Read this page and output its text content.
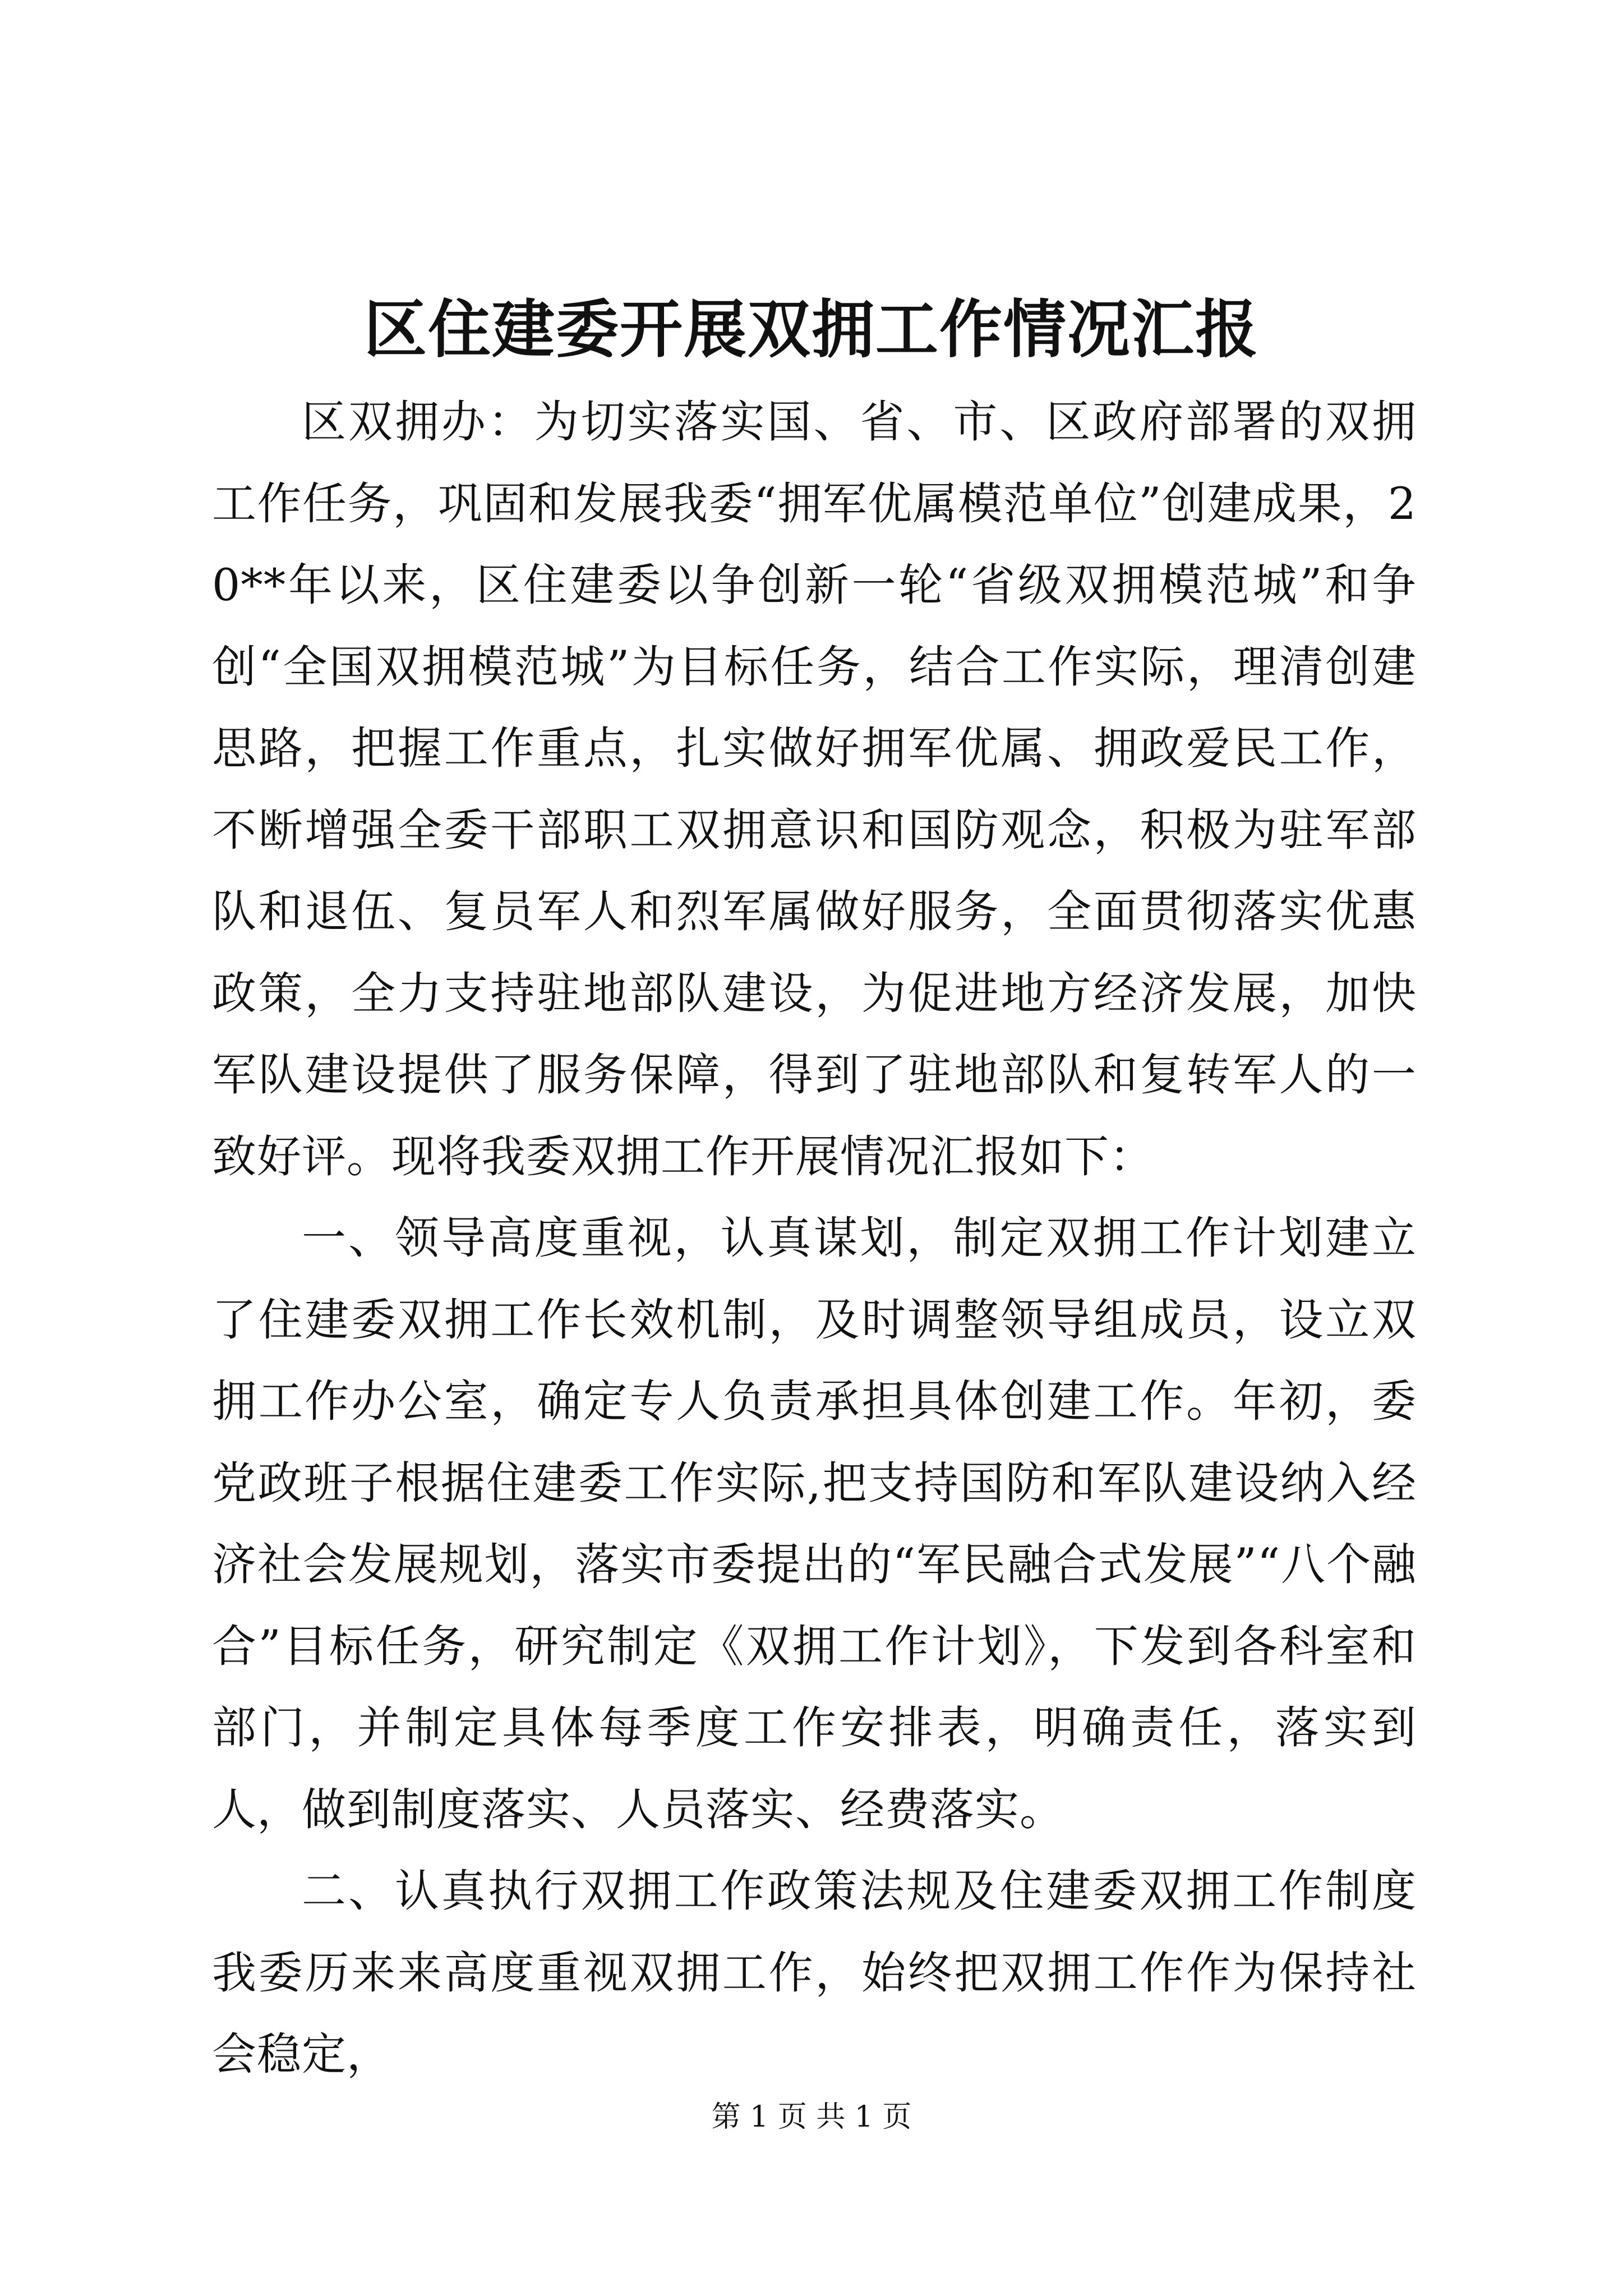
区住建委开展双拥工作情况汇报

区双拥办：为切实落实国、省、市、区政府部署的双拥工作任务，巩固和发展我委“拥军优属模范单位”创建成果，20**年以来，区住建委以争创新一轮“省级双拥模范城”和争创“全国双拥模范城”为目标任务，结合工作实际，理清创建思路，把握工作重点，扎实做好拥军优属、拥政爱民工作，不断增强全委干部职工双拥意识和国防观念，积极为驻军部队和退伍、复员军人和烈军属做好服务，全面贯彻落实优惠政策，全力支持驻地部队建设，为促进地方经济发展，加快军队建设提供了服务保障，得到了驻地部队和复转军人的一致好评。现将我委双拥工作开展情况汇报如下：

一、领导高度重视，认真谋划，制定双拥工作计划建立了住建委双拥工作长效机制，及时调整领导组成员，设立双拥工作办公室，确定专人负责承担具体创建工作。年初，委党政班子根据住建委工作实际,把支持国防和军队建设纳入经济社会发展规划，落实市委提出的“军民融合式发展”“八个融合”目标任务，研究制定《双拥工作计划》，下发到各科室和部门，并制定具体每季度工作安排表，明确责任，落实到人，做到制度落实、人员落实、经费落实。

二、认真执行双拥工作政策法规及住建委双拥工作制度我委历来来高度重视双拥工作，始终把双拥工作作为保持社会稳定，

第 1 页 共 1 页
